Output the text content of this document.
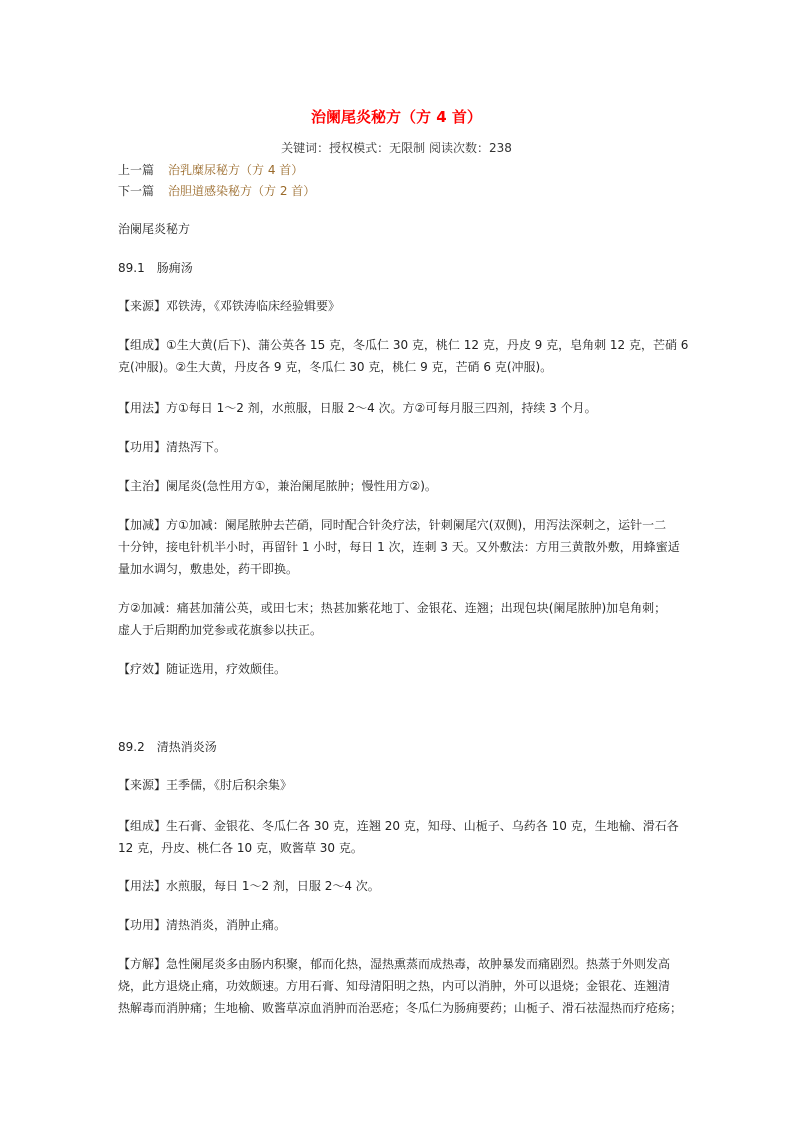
治阑尾炎秘方（方 4 首）
关键词：授权模式：无限制 阅读次数：238
上一篇 治乳糜尿秘方（方 4 首）
下一篇 治胆道感染秘方（方 2 首）
治阑尾炎秘方
89.1　肠痈汤
【来源】邓铁涛，《邓铁涛临床经验辑要》
【组成】①生大黄(后下)、蒲公英各 15 克，冬瓜仁 30 克，桃仁 12 克，丹皮 9 克，皂角刺 12 克，芒硝 6
克(冲服)。②生大黄，丹皮各 9 克，冬瓜仁 30 克，桃仁 9 克，芒硝 6 克(冲服)。
【用法】方①每日 1～2 剂，水煎服，日服 2～4 次。方②可每月服三四剂，持续 3 个月。
【功用】清热泻下。
【主治】阑尾炎(急性用方①，兼治阑尾脓肿；慢性用方②)。
【加减】方①加减：阑尾脓肿去芒硝，同时配合针灸疗法，针刺阑尾穴(双侧)，用泻法深刺之，运针一二
十分钟，接电针机半小时，再留针 1 小时，每日 1 次，连刺 3 天。又外敷法：方用三黄散外敷，用蜂蜜适
量加水调匀，敷患处，药干即换。
方②加减：痛甚加蒲公英，或田七末；热甚加紫花地丁、金银花、连翘；出现包块(阑尾脓肿)加皂角刺；
虚人于后期酌加党参或花旗参以扶正。
【疗效】随证选用，疗效颇佳。
89.2　清热消炎汤
【来源】王季儒，《肘后积余集》
【组成】生石膏、金银花、冬瓜仁各 30 克，连翘 20 克，知母、山栀子、乌药各 10 克，生地榆、滑石各
12 克，丹皮、桃仁各 10 克，败酱草 30 克。
【用法】水煎服，每日 1～2 剂，日服 2～4 次。
【功用】清热消炎，消肿止痛。
【方解】急性阑尾炎多由肠内积聚，郁而化热，湿热熏蒸而成热毒，故肿暴发而痛剧烈。热蒸于外则发高
烧，此方退烧止痛，功效颇速。方用石膏、知母清阳明之热，内可以消肿，外可以退烧；金银花、连翘清
热解毒而消肿痛；生地榆、败酱草凉血消肿而治恶疮；冬瓜仁为肠痈要药；山栀子、滑石祛湿热而疗疮疡；
